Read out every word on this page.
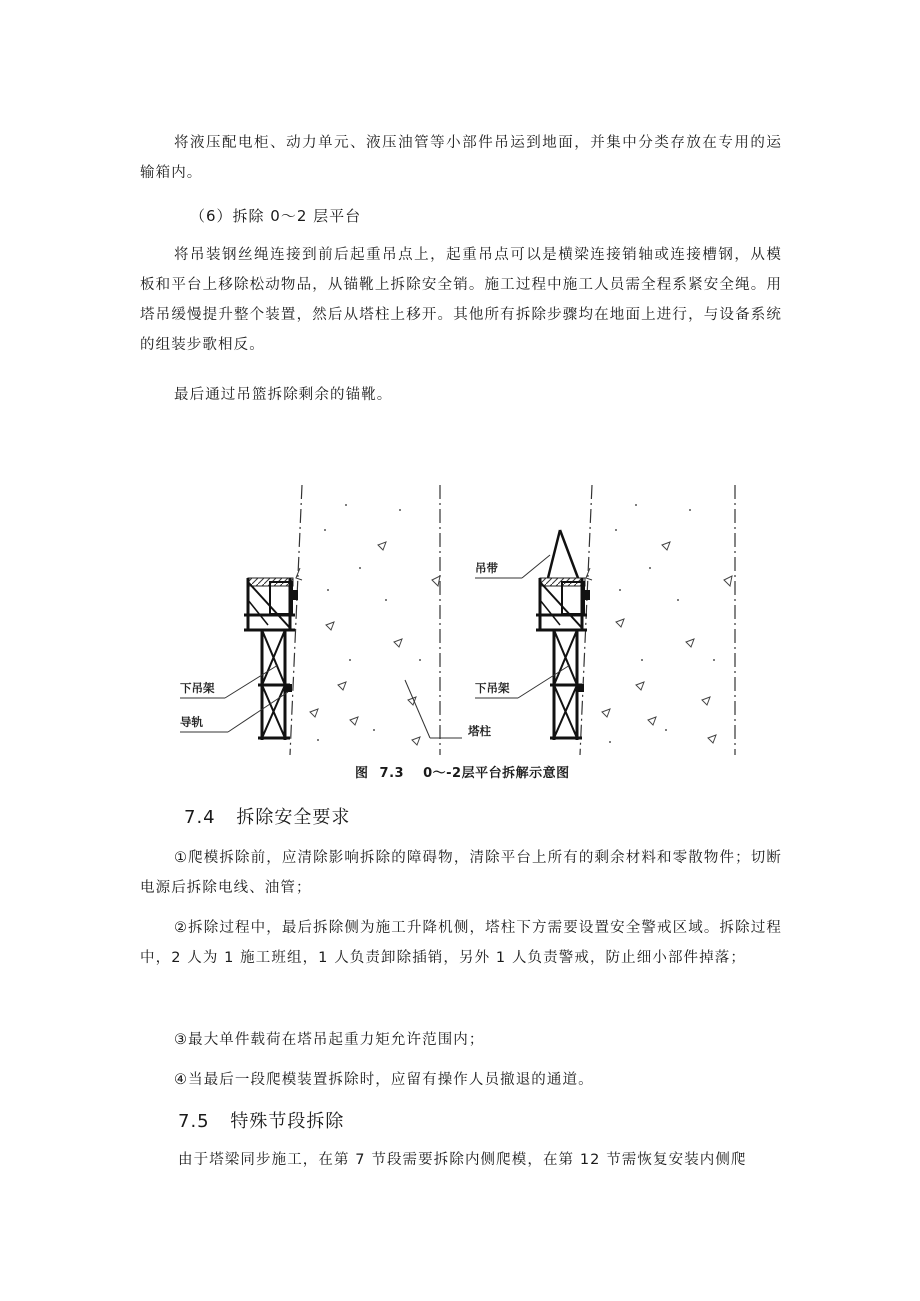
将液压配电柜、动力单元、液压油管等小部件吊运到地面，并集中分类存放在专用的运输箱内。

（6）拆除 0～2 层平台

将吊装钢丝绳连接到前后起重吊点上，起重吊点可以是横梁连接销轴或连接槽钢，从模板和平台上移除松动物品，从锚靴上拆除安全销。施工过程中施工人员需全程系紧安全绳。用塔吊缓慢提升整个装置，然后从塔柱上移开。其他所有拆除步骤均在地面上进行，与设备系统的组装步歌相反。

最后通过吊篮拆除剩余的锚靴。

下吊架
导轨
吊带
下吊架
塔柱
图 7.3 0～-2层平台拆解示意图
7.4 拆除安全要求

①爬模拆除前，应清除影响拆除的障碍物，清除平台上所有的剩余材料和零散物件；切断电源后拆除电线、油管；

②拆除过程中，最后拆除侧为施工升降机侧，塔柱下方需要设置安全警戒区域。拆除过程中，2 人为 1 施工班组，1 人负责卸除插销，另外 1 人负责警戒，防止细小部件掉落；

③最大单件载荷在塔吊起重力矩允许范围内；

④当最后一段爬模装置拆除时，应留有操作人员撤退的通道。

7.5 特殊节段拆除

由于塔梁同步施工，在第 7 节段需要拆除内侧爬模，在第 12 节需恢复安装内侧爬
